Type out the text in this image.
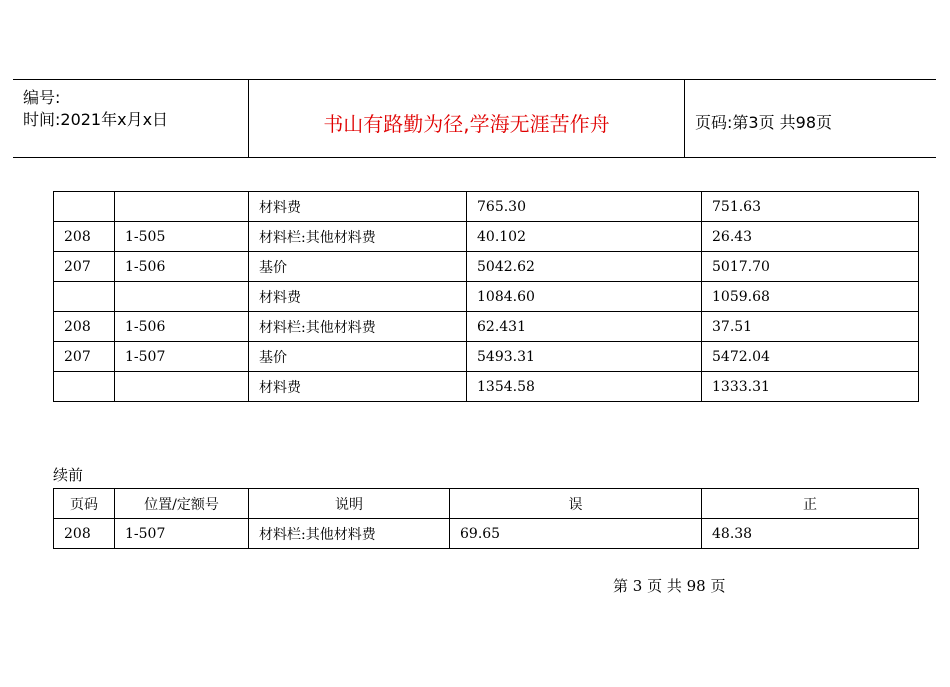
编号:
时间:2021年x月x日	书山有路勤为径,学海无涯苦作舟	页码:第3页 共98页
		材料费	765.30	751.63
208	1-505	材料栏:其他材料费	40.102	26.43
207	1-506	基价	5042.62	5017.70
		材料费	1084.60	1059.68
208	1-506	材料栏:其他材料费	62.431	37.51
207	1-507	基价	5493.31	5472.04
		材料费	1354.58	1333.31
续前
页码	位置/定额号	说明	误	正
208	1-507	材料栏:其他材料费	69.65	48.38
第 3 页 共 98 页
